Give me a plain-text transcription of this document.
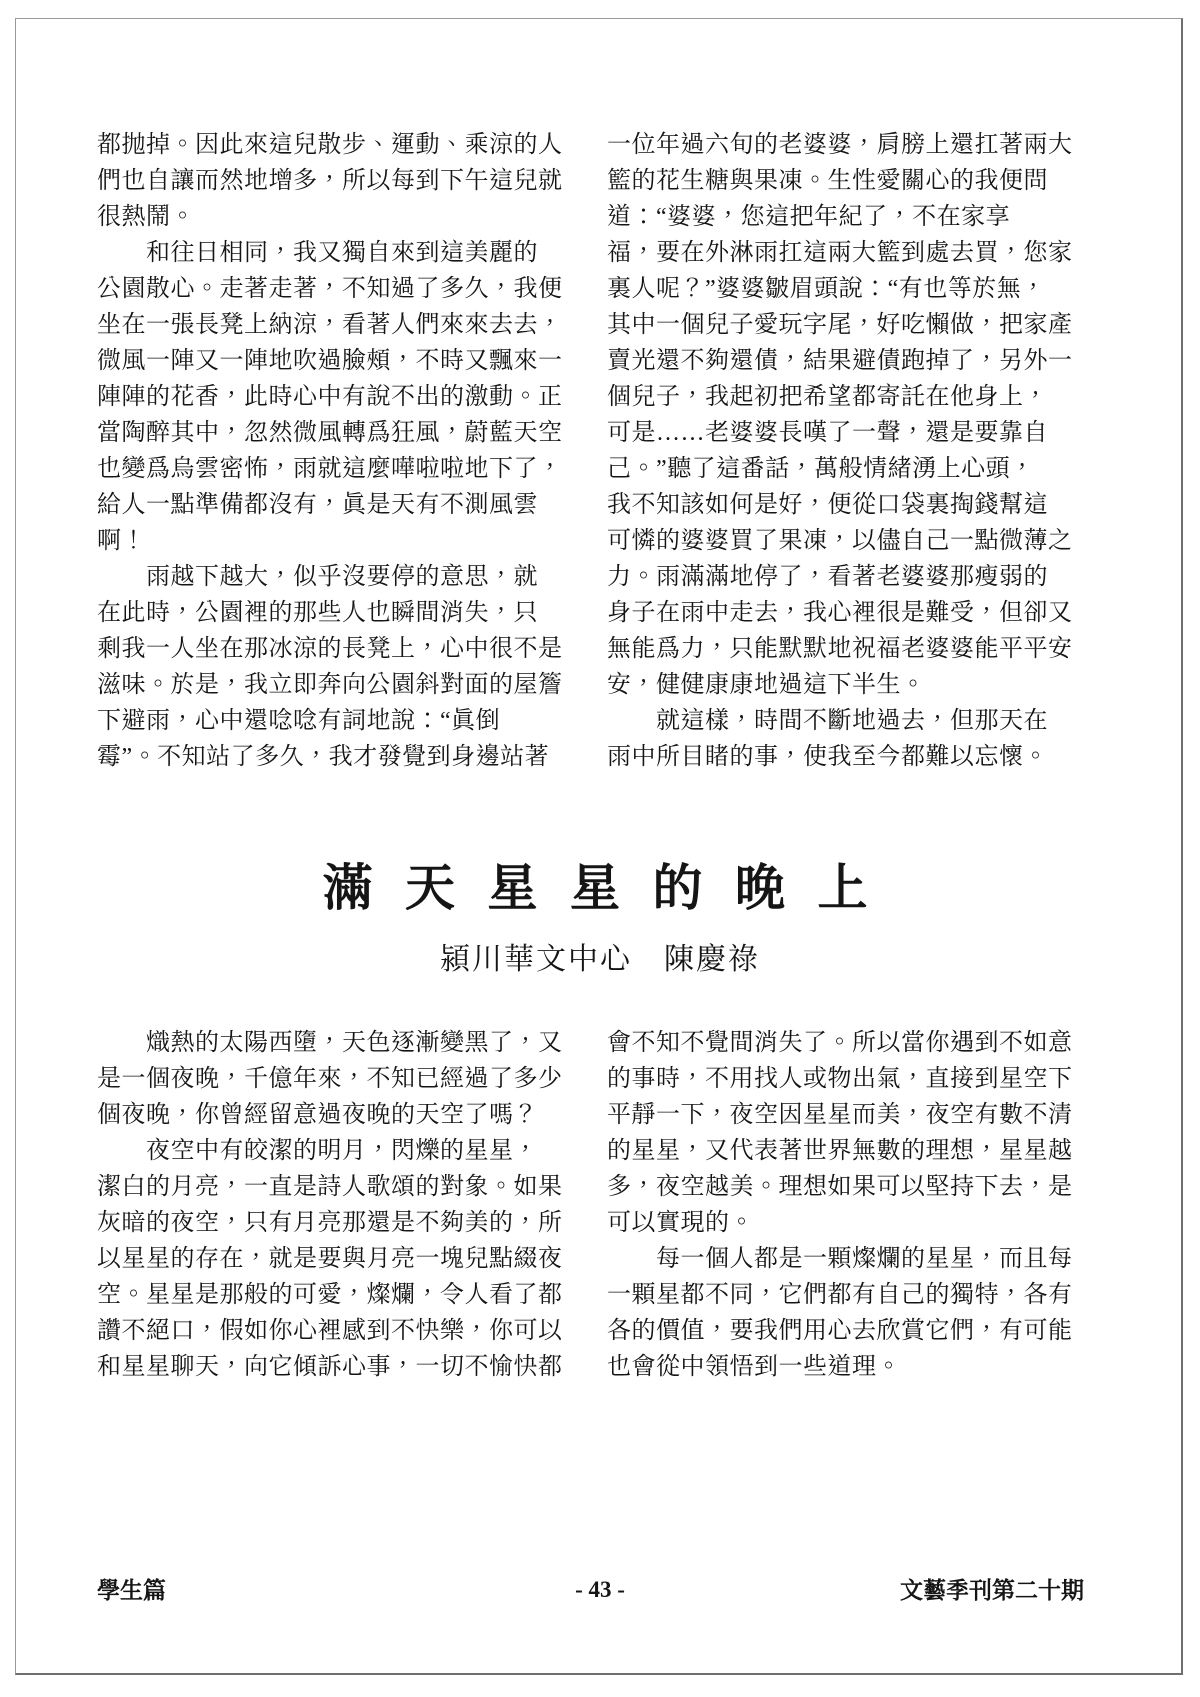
都抛掉。因此來這兒散步、運動、乘涼的人
們也自讓而然地增多，所以每到下午這兒就
很熱鬧。
　　和往日相同，我又獨自來到這美麗的
公園散心。走著走著，不知過了多久，我便
坐在一張長凳上納涼，看著人們來來去去，
微風一陣又一陣地吹過臉頰，不時又飄來一
陣陣的花香，此時心中有說不出的激動。正
當陶醉其中，忽然微風轉爲狂風，蔚藍天空
也變爲烏雲密怖，雨就這麼嘩啦啦地下了，
給人一點準備都沒有，眞是天有不測風雲
啊！
　　雨越下越大，似乎沒要停的意思，就
在此時，公園裡的那些人也瞬間消失，只
剩我一人坐在那冰涼的長凳上，心中很不是
滋味。於是，我立即奔向公園斜對面的屋簷
下避雨，心中還唸唸有詞地說：“眞倒
霉”。不知站了多久，我才發覺到身邊站著
一位年過六旬的老婆婆，肩膀上還扛著兩大
籃的花生糖與果凍。生性愛關心的我便問
道：“婆婆，您這把年紀了，不在家享
福，要在外淋雨扛這兩大籃到處去買，您家
裏人呢？”婆婆皺眉頭說：“有也等於無，
其中一個兒子愛玩字尾，好吃懶做，把家產
賣光還不夠還債，結果避債跑掉了，另外一
個兒子，我起初把希望都寄託在他身上，
可是……老婆婆長嘆了一聲，還是要靠自
己。”聽了這番話，萬般情緒湧上心頭，
我不知該如何是好，便從口袋裏掏錢幫這
可憐的婆婆買了果凍，以儘自己一點微薄之
力。雨滿滿地停了，看著老婆婆那瘦弱的
身子在雨中走去，我心裡很是難受，但卻又
無能爲力，只能默默地祝福老婆婆能平平安
安，健健康康地過這下半生。
　　就這樣，時間不斷地過去，但那天在
雨中所目睹的事，使我至今都難以忘懷。
滿 天 星 星 的 晚 上
潁川華文中心　陳慶祿
　　熾熱的太陽西墮，天色逐漸變黑了，又
是一個夜晚，千億年來，不知已經過了多少
個夜晚，你曾經留意過夜晚的天空了嗎？
　　夜空中有皎潔的明月，閃爍的星星，
潔白的月亮，一直是詩人歌頌的對象。如果
灰暗的夜空，只有月亮那還是不夠美的，所
以星星的存在，就是要與月亮一塊兒點綴夜
空。星星是那般的可愛，燦爛，令人看了都
讚不絕口，假如你心裡感到不快樂，你可以
和星星聊天，向它傾訴心事，一切不愉快都
會不知不覺間消失了。所以當你遇到不如意
的事時，不用找人或物出氣，直接到星空下
平靜一下，夜空因星星而美，夜空有數不清
的星星，又代表著世界無數的理想，星星越
多，夜空越美。理想如果可以堅持下去，是
可以實現的。
　　每一個人都是一顆燦爛的星星，而且每
一顆星都不同，它們都有自己的獨特，各有
各的價值，要我們用心去欣賞它們，有可能
也會從中領悟到一些道理。
學生篇	- 43 -	文藝季刊第二十期
